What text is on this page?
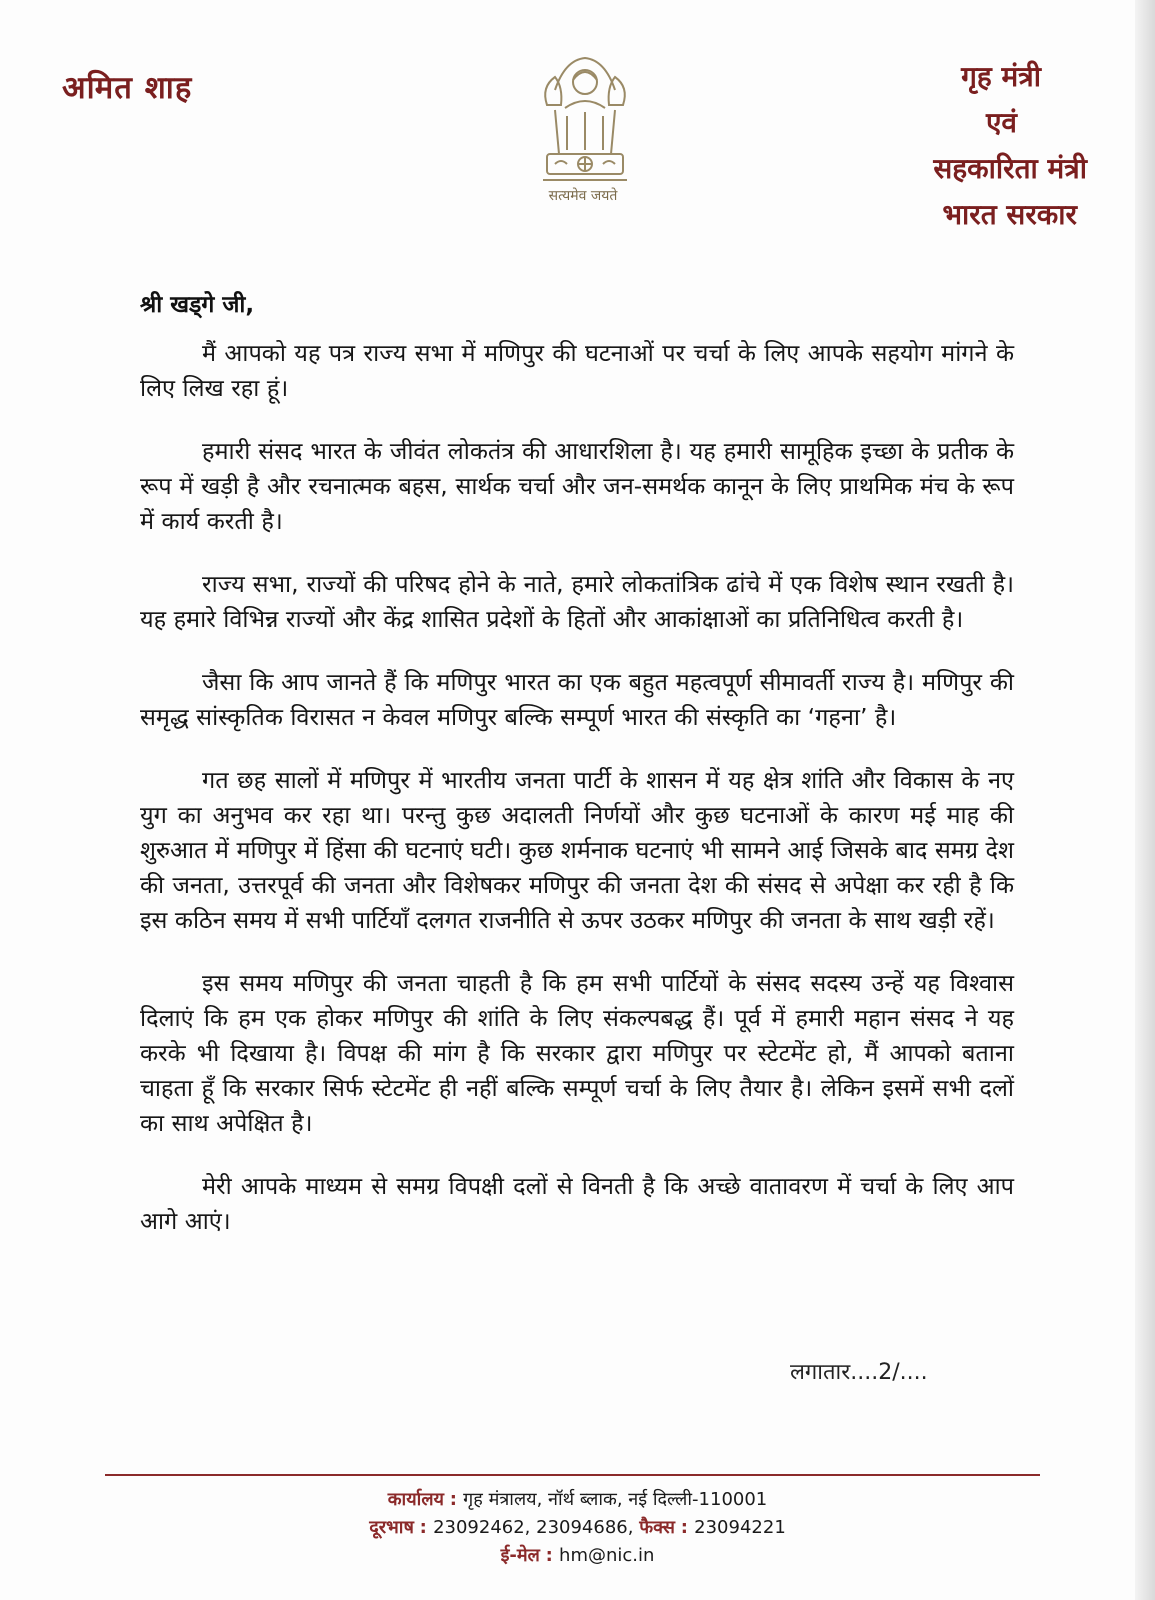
अमित शाह
सत्यमेव जयते
गृह मंत्री
एवं
सहकारिता मंत्री
भारत सरकार
श्री खड्गे जी,

मैं आपको यह पत्र राज्य सभा में मणिपुर की घटनाओं पर चर्चा के लिए आपके सहयोग मांगने के लिए लिख रहा हूं।

हमारी संसद भारत के जीवंत लोकतंत्र की आधारशिला है। यह हमारी सामूहिक इच्छा के प्रतीक के रूप में खड़ी है और रचनात्मक बहस, सार्थक चर्चा और जन-समर्थक कानून के लिए प्राथमिक मंच के रूप में कार्य करती है।

राज्य सभा, राज्यों की परिषद होने के नाते, हमारे लोकतांत्रिक ढांचे में एक विशेष स्थान रखती है। यह हमारे विभिन्न राज्यों और केंद्र शासित प्रदेशों के हितों और आकांक्षाओं का प्रतिनिधित्व करती है।

जैसा कि आप जानते हैं कि मणिपुर भारत का एक बहुत महत्वपूर्ण सीमावर्ती राज्य है। मणिपुर की समृद्ध सांस्कृतिक विरासत न केवल मणिपुर बल्कि सम्पूर्ण भारत की संस्कृति का ‘गहना’ है।

गत छह सालों में मणिपुर में भारतीय जनता पार्टी के शासन में यह क्षेत्र शांति और विकास के नए युग का अनुभव कर रहा था। परन्तु कुछ अदालती निर्णयों और कुछ घटनाओं के कारण मई माह की शुरुआत में मणिपुर में हिंसा की घटनाएं घटी। कुछ शर्मनाक घटनाएं भी सामने आई जिसके बाद समग्र देश की जनता, उत्तरपूर्व की जनता और विशेषकर मणिपुर की जनता देश की संसद से अपेक्षा कर रही है कि इस कठिन समय में सभी पार्टियाँ दलगत राजनीति से ऊपर उठकर मणिपुर की जनता के साथ खड़ी रहें।

इस समय मणिपुर की जनता चाहती है कि हम सभी पार्टियों के संसद सदस्य उन्हें यह विश्वास दिलाएं कि हम एक होकर मणिपुर की शांति के लिए संकल्पबद्ध हैं। पूर्व में हमारी महान संसद ने यह करके भी दिखाया है। विपक्ष की मांग है कि सरकार द्वारा मणिपुर पर स्टेटमेंट हो, मैं आपको बताना चाहता हूँ कि सरकार सिर्फ स्टेटमेंट ही नहीं बल्कि सम्पूर्ण चर्चा के लिए तैयार है। लेकिन इसमें सभी दलों का साथ अपेक्षित है।

मेरी आपके माध्यम से समग्र विपक्षी दलों से विनती है कि अच्छे वातावरण में चर्चा के लिए आप आगे आएं।

लगातार....2/....
कार्यालय : गृह मंत्रालय, नॉर्थ ब्लाक, नई दिल्ली-110001
दूरभाष : 23092462, 23094686, फैक्स : 23094221
ई-मेल : hm@nic.in
